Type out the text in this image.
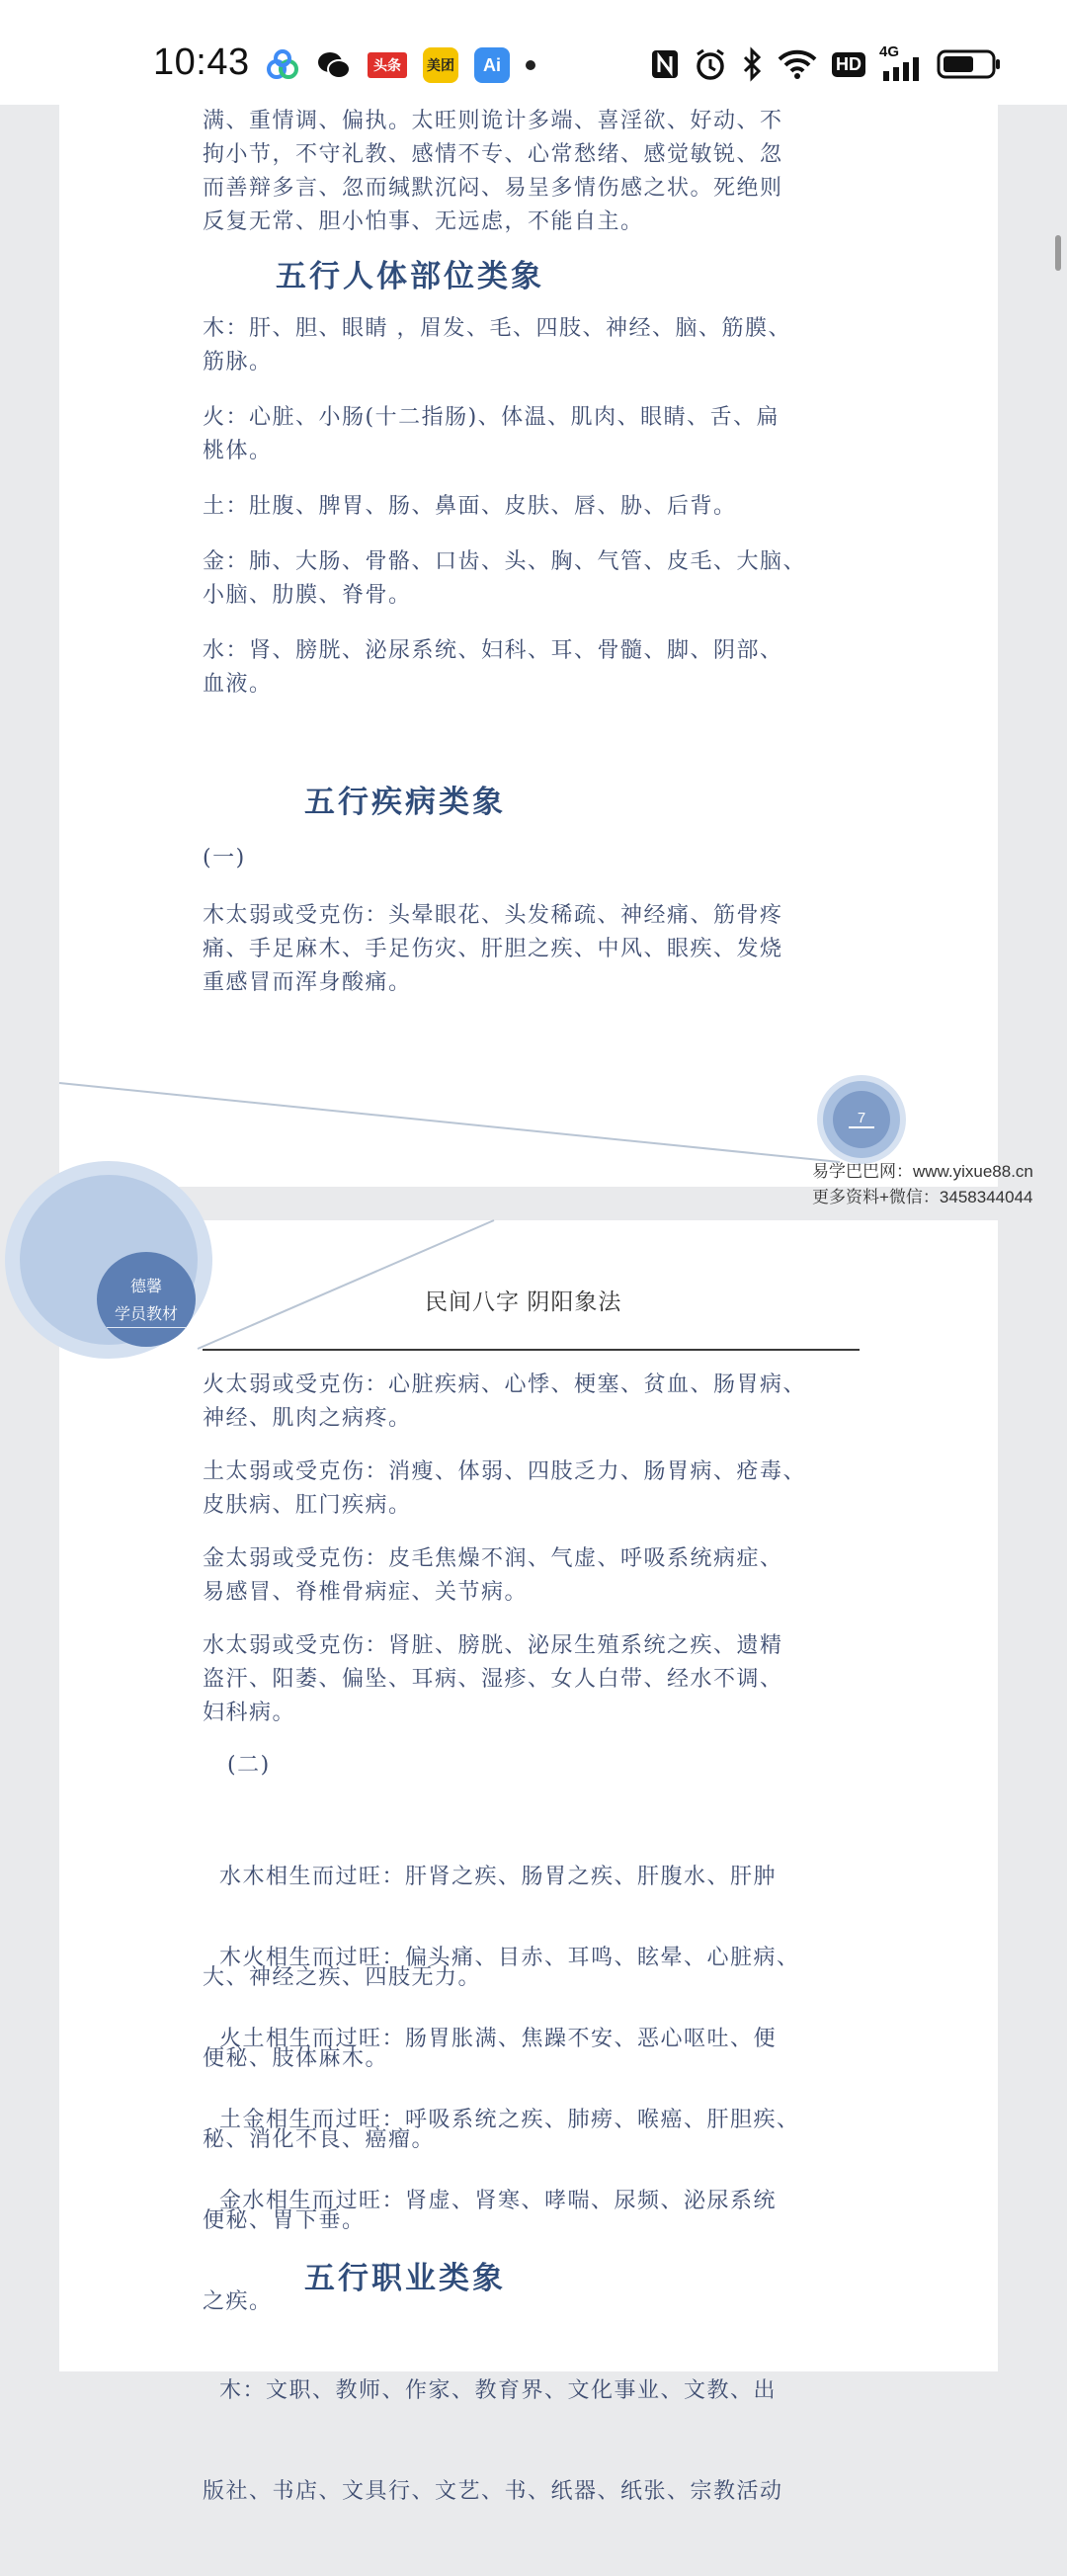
10:43	头条	美团	Ai	HD
4G
满、重情调、偏执。太旺则诡计多端、喜淫欲、好动、不
拘小节，不守礼教、感情不专、心常愁绪、感觉敏锐、忽
而善辩多言、忽而缄默沉闷、易呈多情伤感之状。死绝则
反复无常、胆小怕事、无远虑，不能自主。
五行人体部位类象
木：肝、胆、眼睛 ，眉发、毛、四肢、神经、脑、筋膜、
筋脉。
火：心脏、小肠(十二指肠)、体温、肌肉、眼睛、舌、扁
桃体。
土：肚腹、脾胃、肠、鼻面、皮肤、唇、胁、后背。
金：肺、大肠、骨骼、口齿、头、胸、气管、皮毛、大脑、
小脑、肋膜、脊骨。
水：肾、膀胱、泌尿系统、妇科、耳、骨髓、脚、阴部、
血液。
五行疾病类象
(一)
木太弱或受克伤：头晕眼花、头发稀疏、神经痛、筋骨疼
痛、手足麻木、手足伤灾、肝胆之疾、中风、眼疾、发烧
重感冒而浑身酸痛。
7
易学巴巴网：www.yixue88.cn
更多资料+微信：3458344044
德馨
学员教材
民间八字 阴阳象法
火太弱或受克伤：心脏疾病、心悸、梗塞、贫血、肠胃病、
神经、肌肉之病疼。
土太弱或受克伤：消瘦、体弱、四肢乏力、肠胃病、疮毒、
皮肤病、肛门疾病。
金太弱或受克伤：皮毛焦燥不润、气虚、呼吸系统病症、
易感冒、脊椎骨病症、关节病。
水太弱或受克伤：肾脏、膀胱、泌尿生殖系统之疾、遗精
盗汗、阳萎、偏坠、耳病、湿疹、女人白带、经水不调、
妇科病。
(二)

水木相生而过旺：肝肾之疾、肠胃之疾、肝腹水、肝肿

大、神经之疾、四肢无力。

木火相生而过旺：偏头痛、目赤、耳鸣、眩晕、心脏病、

便秘、肢体麻木。

火土相生而过旺：肠胃胀满、焦躁不安、恶心呕吐、便

秘、消化不良、癌瘤。

土金相生而过旺：呼吸系统之疾、肺痨、喉癌、肝胆疾、

便秘、胃下垂。

金水相生而过旺：肾虚、肾寒、哮喘、尿频、泌尿系统

之疾。

五行职业类象

木：文职、教师、作家、教育界、文化事业、文教、出

版社、书店、文具行、文艺、书、纸器、纸张、宗教活动
